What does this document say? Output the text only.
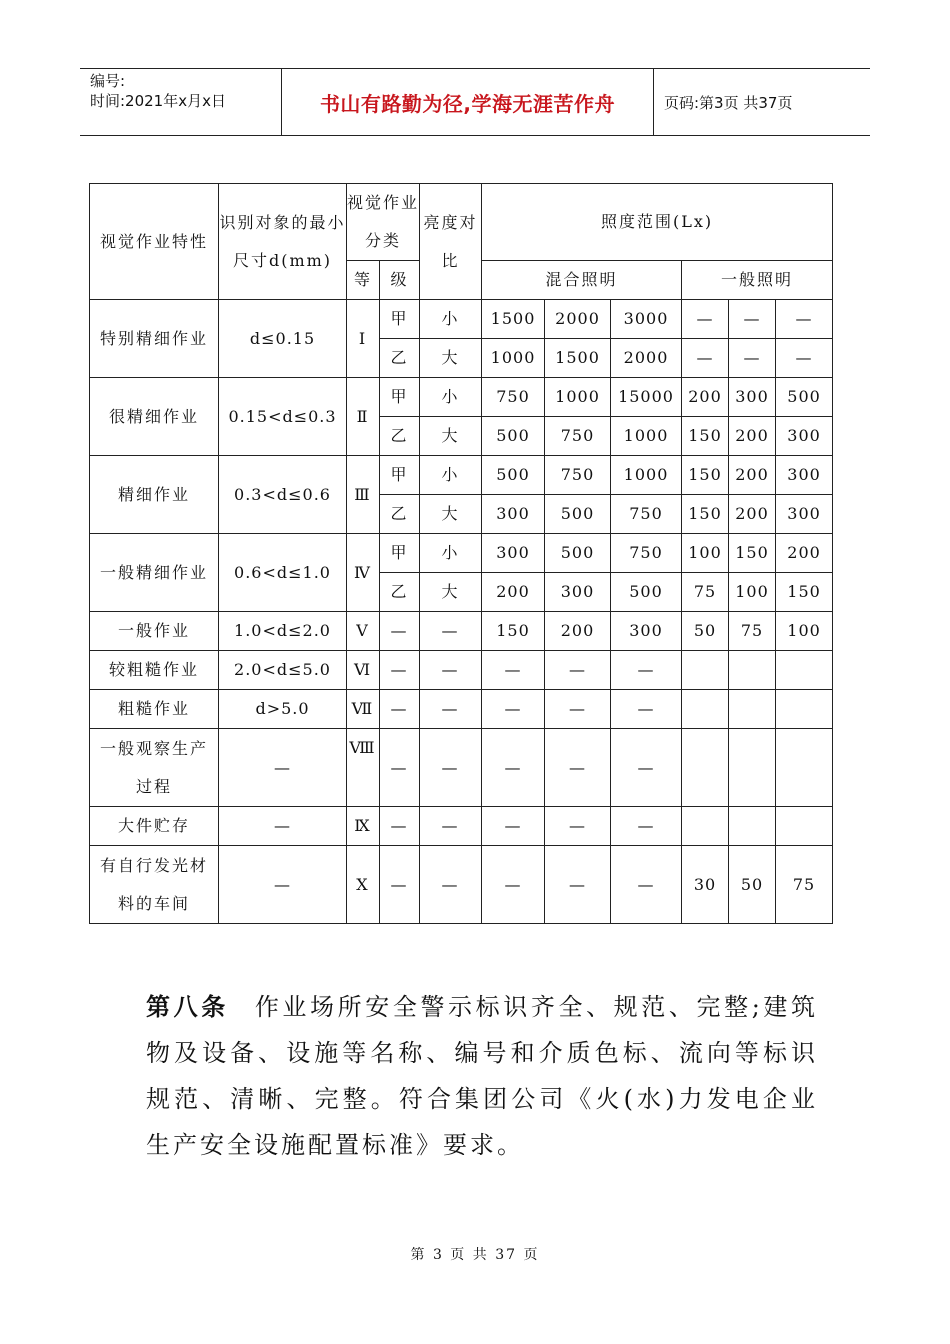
编号:
时间:2021年x月x日	书山有路勤为径,学海无涯苦作舟	页码:第3页 共37页
视觉作业特性	识别对象的最小尺寸d(mm)	视觉作业分类		亮度对比	照度范围(Lx)					
		等	级		混合照明			一般照明		
特别精细作业	d≤0.15	Ⅰ	甲	小	1500	2000	3000	—	—	—
			乙	大	1000	1500	2000	—	—	—
很精细作业	0.15<d≤0.3	Ⅱ	甲	小	750	1000	15000	200	300	500
			乙	大	500	750	1000	150	200	300
精细作业	0.3<d≤0.6	Ⅲ	甲	小	500	750	1000	150	200	300
			乙	大	300	500	750	150	200	300
一般精细作业	0.6<d≤1.0	Ⅳ	甲	小	300	500	750	100	150	200
			乙	大	200	300	500	75	100	150
一般作业	1.0<d≤2.0	Ⅴ	—	—	150	200	300	50	75	100
较粗糙作业	2.0<d≤5.0	Ⅵ	—	—	—	—	—			
粗糙作业	d>5.0	Ⅶ	—	—	—	—	—			
一般观察生产过程	—	Ⅷ	—	—	—	—	—			
大件贮存	—	Ⅸ	—	—	—	—	—			
有自行发光材料的车间	—	Ⅹ	—	—	—	—	—	30	50	75
第八条 作业场所安全警示标识齐全、规范、完整;建筑物及设备、设施等名称、编号和介质色标、流向等标识规范、清晰、完整。符合集团公司《火(水)力发电企业生产安全设施配置标准》要求。
第 3 页 共 37 页
